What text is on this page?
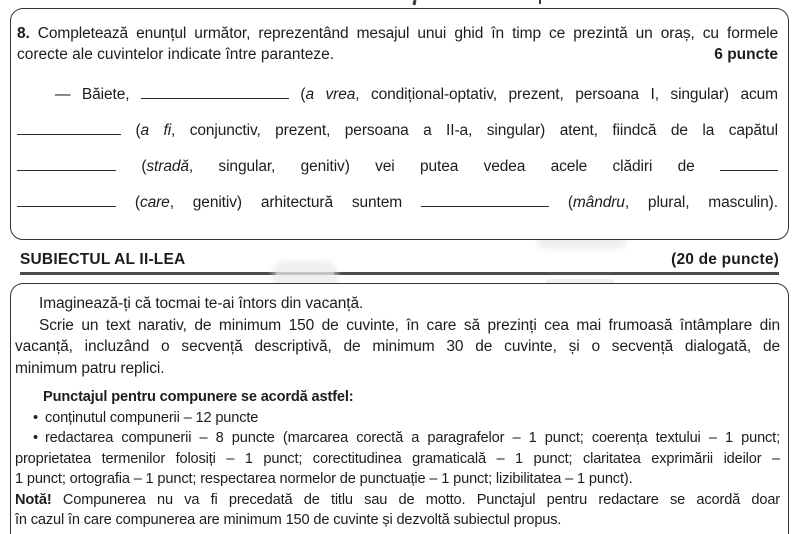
8. Completează enunțul următor, reprezentând mesajul unui ghid în timp ce prezintă un oraș, cu formele
corecte ale cuvintelor indicate între paranteze.	6 puncte
— Băiete,	(a vrea, condițional-optativ, prezent, persoana I, singular) acum
(a fi, conjunctiv, prezent, persoana a II-a, singular) atent, fiindcă de la capătul
(stradă, singular, genitiv) vei putea vedea acele clădiri de
(care, genitiv) arhitectură suntem	(mândru, plural, masculin).
SUBIECTUL AL II-LEA	(20 de puncte)
Imaginează-ți că tocmai te-ai întors din vacanță.
Scrie un text narativ, de minimum 150 de cuvinte, în care să prezinți cea mai frumoasă întâmplare din
vacanță, incluzând o secvență descriptivă, de minimum 30 de cuvinte, și o secvență dialogată, de
minimum patru replici.
Punctajul pentru compunere se acordă astfel:
• conținutul compunerii – 12 puncte
• redactarea compunerii – 8 puncte (marcarea corectă a paragrafelor – 1 punct; coerența textului – 1 punct;
proprietatea termenilor folosiți – 1 punct; corectitudinea gramaticală – 1 punct; claritatea exprimării ideilor –
1 punct; ortografia – 1 punct; respectarea normelor de punctuație – 1 punct; lizibilitatea – 1 punct).
Notă! Compunerea nu va fi precedată de titlu sau de motto. Punctajul pentru redactare se acordă doar
în cazul în care compunerea are minimum 150 de cuvinte și dezvoltă subiectul propus.
